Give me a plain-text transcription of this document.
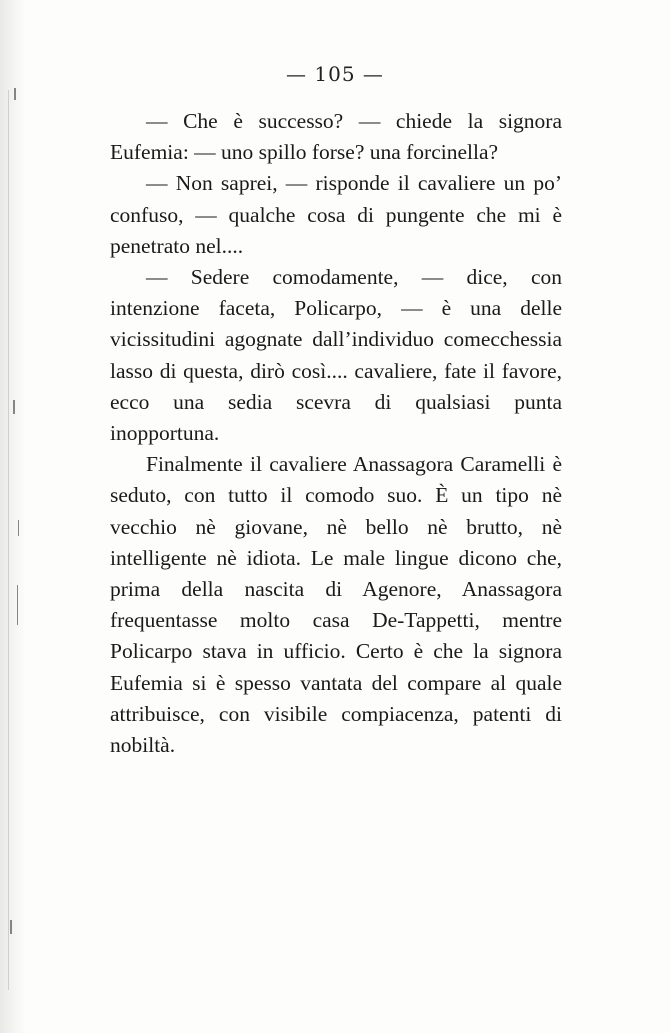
— 105 —

— Che è successo? — chiede la signora Eufemia: — uno spillo forse? una forcinella?

— Non saprei, — risponde il cavaliere un po’ confuso, — qualche cosa di pungente che mi è penetrato nel....

— Sedere comodamente, — dice, con intenzione faceta, Policarpo, — è una delle vicissitudini agognate dall’individuo comecchessia lasso di questa, dirò così.... cavaliere, fate il favore, ecco una sedia scevra di qualsiasi punta inopportuna.

Finalmente il cavaliere Anassagora Caramelli è seduto, con tutto il comodo suo. È un tipo nè vecchio nè giovane, nè bello nè brutto, nè intelligente nè idiota. Le male lingue dicono che, prima della nascita di Agenore, Anassagora frequentasse molto casa De-Tappetti, mentre Policarpo stava in ufficio. Certo è che la signora Eufemia si è spesso vantata del compare al quale attribuisce, con visibile compiacenza, patenti di nobiltà.
